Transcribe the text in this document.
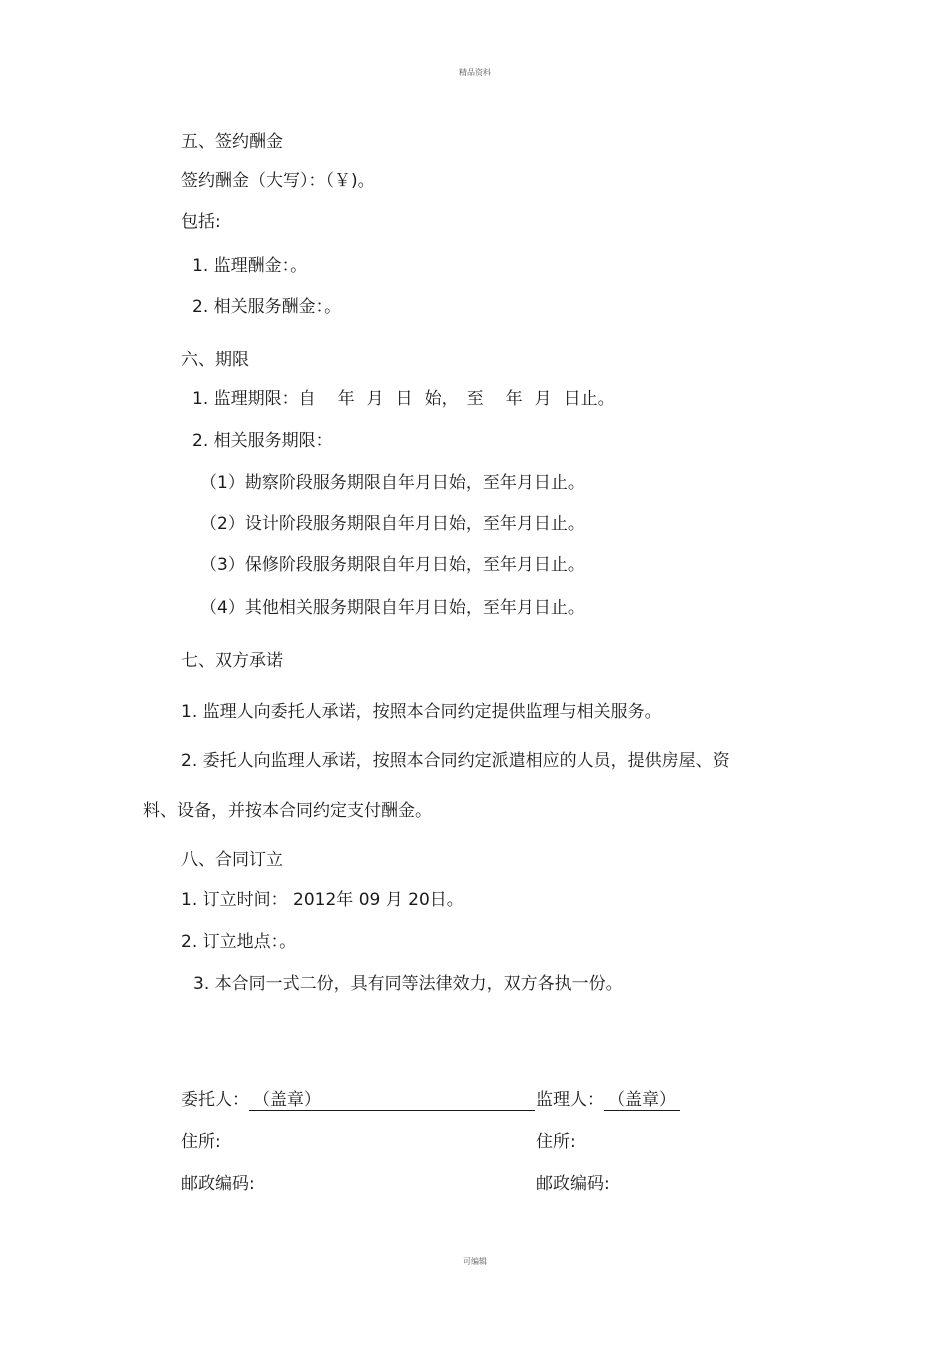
精品资料
五、签约酬金
签约酬金（大写）：（￥)。
包括:
1. 监理酬金：。
2. 相关服务酬金：。
六、期限
1. 监理期限：自 年 月 日 始， 至 年 月 日止。
2. 相关服务期限：
（1）勘察阶段服务期限自年月日始，至年月日止。
（2）设计阶段服务期限自年月日始，至年月日止。
（3）保修阶段服务期限自年月日始，至年月日止。
（4）其他相关服务期限自年月日始，至年月日止。
七、双方承诺
1. 监理人向委托人承诺，按照本合同约定提供监理与相关服务。
2. 委托人向监理人承诺，按照本合同约定派遣相应的人员，提供房屋、资
料、设备，并按本合同约定支付酬金。
八、合同订立
1. 订立时间： 2012年 09 月 20日。
2. 订立地点：。
3. 本合同一式二份，具有同等法律效力，双方各执一份。
委托人： （盖章）	监理人： （盖章）
住所:	住所:
邮政编码:	邮政编码:
可编辑
